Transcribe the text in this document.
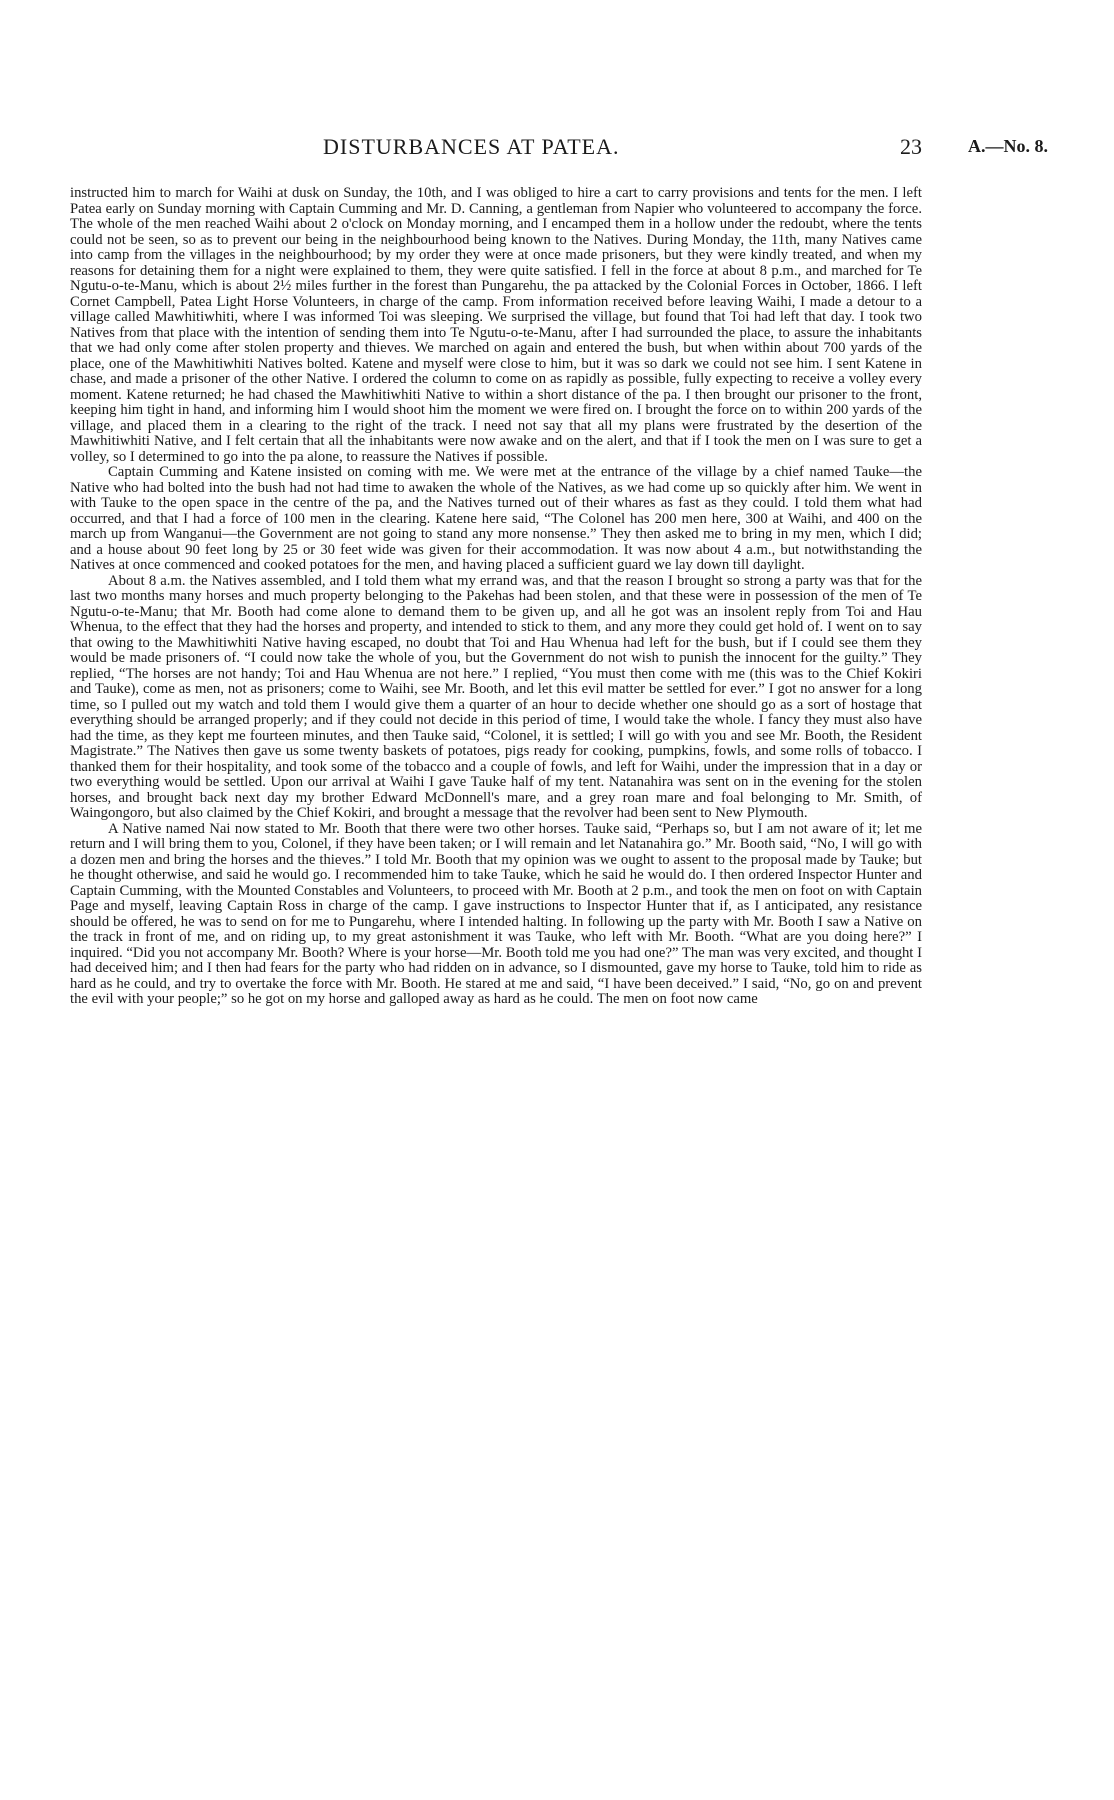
DISTURBANCES AT PATEA.	23	A.—No. 8.

instructed him to march for Waihi at dusk on Sunday, the 10th, and I was obliged to hire a cart to carry provisions and tents for the men. I left Patea early on Sunday morning with Captain Cumming and Mr. D. Canning, a gentleman from Napier who volunteered to accompany the force. The whole of the men reached Waihi about 2 o'clock on Monday morning, and I encamped them in a hollow under the redoubt, where the tents could not be seen, so as to prevent our being in the neighbourhood being known to the Natives. During Monday, the 11th, many Natives came into camp from the villages in the neighbourhood; by my order they were at once made prisoners, but they were kindly treated, and when my reasons for detaining them for a night were explained to them, they were quite satisfied. I fell in the force at about 8 p.m., and marched for Te Ngutu-o-te-Manu, which is about 2½ miles further in the forest than Pungarehu, the pa attacked by the Colonial Forces in October, 1866. I left Cornet Campbell, Patea Light Horse Volunteers, in charge of the camp. From information received before leaving Waihi, I made a detour to a village called Mawhitiwhiti, where I was informed Toi was sleeping. We surprised the village, but found that Toi had left that day. I took two Natives from that place with the intention of sending them into Te Ngutu-o-te-Manu, after I had surrounded the place, to assure the inhabitants that we had only come after stolen property and thieves. We marched on again and entered the bush, but when within about 700 yards of the place, one of the Mawhitiwhiti Natives bolted. Katene and myself were close to him, but it was so dark we could not see him. I sent Katene in chase, and made a prisoner of the other Native. I ordered the column to come on as rapidly as possible, fully expecting to receive a volley every moment. Katene returned; he had chased the Mawhitiwhiti Native to within a short distance of the pa. I then brought our prisoner to the front, keeping him tight in hand, and informing him I would shoot him the moment we were fired on. I brought the force on to within 200 yards of the village, and placed them in a clearing to the right of the track. I need not say that all my plans were frustrated by the desertion of the Mawhitiwhiti Native, and I felt certain that all the inhabitants were now awake and on the alert, and that if I took the men on I was sure to get a volley, so I determined to go into the pa alone, to reassure the Natives if possible.

Captain Cumming and Katene insisted on coming with me. We were met at the entrance of the village by a chief named Tauke—the Native who had bolted into the bush had not had time to awaken the whole of the Natives, as we had come up so quickly after him. We went in with Tauke to the open space in the centre of the pa, and the Natives turned out of their whares as fast as they could. I told them what had occurred, and that I had a force of 100 men in the clearing. Katene here said, “The Colonel has 200 men here, 300 at Waihi, and 400 on the march up from Wanganui—the Government are not going to stand any more nonsense.” They then asked me to bring in my men, which I did; and a house about 90 feet long by 25 or 30 feet wide was given for their accommodation. It was now about 4 a.m., but notwithstanding the Natives at once commenced and cooked potatoes for the men, and having placed a sufficient guard we lay down till daylight.

About 8 a.m. the Natives assembled, and I told them what my errand was, and that the reason I brought so strong a party was that for the last two months many horses and much property belonging to the Pakehas had been stolen, and that these were in possession of the men of Te Ngutu-o-te-Manu; that Mr. Booth had come alone to demand them to be given up, and all he got was an insolent reply from Toi and Hau Whenua, to the effect that they had the horses and property, and intended to stick to them, and any more they could get hold of. I went on to say that owing to the Mawhitiwhiti Native having escaped, no doubt that Toi and Hau Whenua had left for the bush, but if I could see them they would be made prisoners of. “I could now take the whole of you, but the Government do not wish to punish the innocent for the guilty.” They replied, “The horses are not handy; Toi and Hau Whenua are not here.” I replied, “You must then come with me (this was to the Chief Kokiri and Tauke), come as men, not as prisoners; come to Waihi, see Mr. Booth, and let this evil matter be settled for ever.” I got no answer for a long time, so I pulled out my watch and told them I would give them a quarter of an hour to decide whether one should go as a sort of hostage that everything should be arranged properly; and if they could not decide in this period of time, I would take the whole. I fancy they must also have had the time, as they kept me fourteen minutes, and then Tauke said, “Colonel, it is settled; I will go with you and see Mr. Booth, the Resident Magistrate.” The Natives then gave us some twenty baskets of potatoes, pigs ready for cooking, pumpkins, fowls, and some rolls of tobacco. I thanked them for their hospitality, and took some of the tobacco and a couple of fowls, and left for Waihi, under the impression that in a day or two everything would be settled. Upon our arrival at Waihi I gave Tauke half of my tent. Natanahira was sent on in the evening for the stolen horses, and brought back next day my brother Edward McDonnell's mare, and a grey roan mare and foal belonging to Mr. Smith, of Waingongoro, but also claimed by the Chief Kokiri, and brought a message that the revolver had been sent to New Plymouth.

A Native named Nai now stated to Mr. Booth that there were two other horses. Tauke said, “Perhaps so, but I am not aware of it; let me return and I will bring them to you, Colonel, if they have been taken; or I will remain and let Natanahira go.” Mr. Booth said, “No, I will go with a dozen men and bring the horses and the thieves.” I told Mr. Booth that my opinion was we ought to assent to the proposal made by Tauke; but he thought otherwise, and said he would go. I recommended him to take Tauke, which he said he would do. I then ordered Inspector Hunter and Captain Cumming, with the Mounted Constables and Volunteers, to proceed with Mr. Booth at 2 p.m., and took the men on foot on with Captain Page and myself, leaving Captain Ross in charge of the camp. I gave instructions to Inspector Hunter that if, as I anticipated, any resistance should be offered, he was to send on for me to Pungarehu, where I intended halting. In following up the party with Mr. Booth I saw a Native on the track in front of me, and on riding up, to my great astonishment it was Tauke, who left with Mr. Booth. “What are you doing here?” I inquired. “Did you not accompany Mr. Booth? Where is your horse—Mr. Booth told me you had one?” The man was very excited, and thought I had deceived him; and I then had fears for the party who had ridden on in advance, so I dismounted, gave my horse to Tauke, told him to ride as hard as he could, and try to overtake the force with Mr. Booth. He stared at me and said, “I have been deceived.” I said, “No, go on and prevent the evil with your people;” so he got on my horse and galloped away as hard as he could. The men on foot now came
